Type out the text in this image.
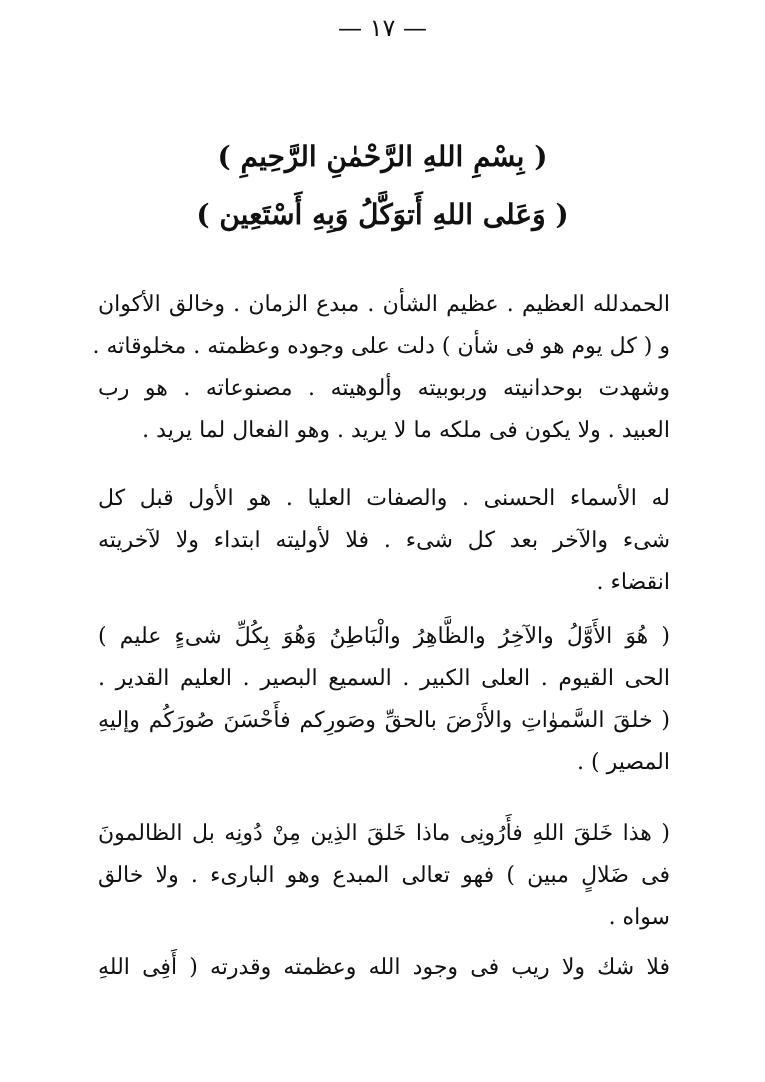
— ١٧ —
( بِسْمِ اللهِ الرَّحْمٰنِ الرَّحِيمِ )
( وَعَلى اللهِ أَتوَكَّلُ وَبِهِ أَسْتَعِين )
الحمدلله العظيم . عظيم الشأن . مبدع الزمان . وخالق الأكوان
و ( كل يوم هو فى شأن ) دلت على وجوده وعظمته . مخلوقاته .
وشهدت بوحدانيته وربوبيته وألوهيته . مصنوعاته . هو رب
العبيد . ولا يكون فى ملكه ما لا يريد . وهو الفعال لما يريد .
له الأسماء الحسنى . والصفات العليا . هو الأول قبل كل
شىء والآخر بعد كل شىء . فلا لأوليته ابتداء ولا لآخريته
انقضاء .
( هُوَ الأَوَّلُ والآخِرُ والظَّاهِرُ والْبَاطِنُ وَهُوَ بِكُلِّ شىءٍ عليم )
الحى القيوم . العلى الكبير . السميع البصير . العليم القدير .
( خلقَ السَّموٰاتِ والأَرْضَ بالحقِّ وصَورِكم فأَحْسَنَ صُورَكُم وإليهِ
المصير ) .
( هذا خَلقَ اللهِ فأَرُونِى ماذا خَلقَ الذِين مِنْ دُونِه بل الظالمونَ
فى ضَلالٍ مبين ) فهو تعالى المبدع وهو البارىء . ولا خالق
سواه .
فلا شك ولا ريب فى وجود الله وعظمته وقدرته ( أَفِى اللهِ
